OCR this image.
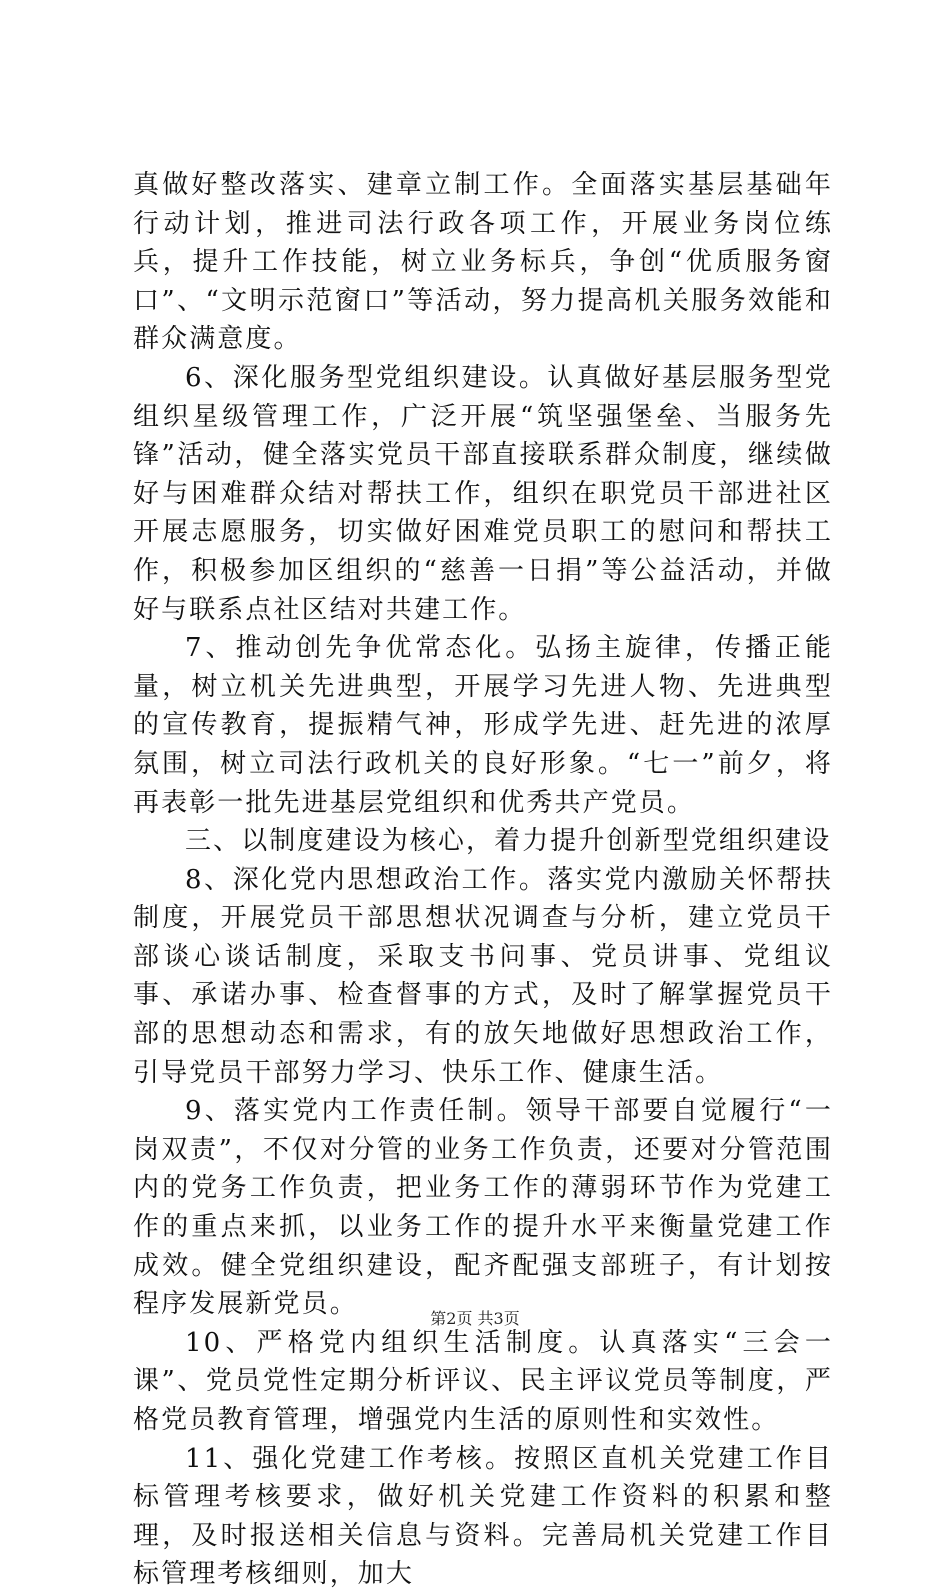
真做好整改落实、建章立制工作。全面落实基层基础年行动计划，推进司法行政各项工作，开展业务岗位练兵，提升工作技能，树立业务标兵，争创“优质服务窗口”、“文明示范窗口”等活动，努力提高机关服务效能和群众满意度。

6、深化服务型党组织建设。认真做好基层服务型党组织星级管理工作，广泛开展“筑坚强堡垒、当服务先锋”活动，健全落实党员干部直接联系群众制度，继续做好与困难群众结对帮扶工作，组织在职党员干部进社区开展志愿服务，切实做好困难党员职工的慰问和帮扶工作，积极参加区组织的“慈善一日捐”等公益活动，并做好与联系点社区结对共建工作。

7、推动创先争优常态化。弘扬主旋律，传播正能量，树立机关先进典型，开展学习先进人物、先进典型的宣传教育，提振精气神，形成学先进、赶先进的浓厚氛围，树立司法行政机关的良好形象。“七一”前夕，将再表彰一批先进基层党组织和优秀共产党员。

三、以制度建设为核心，着力提升创新型党组织建设

8、深化党内思想政治工作。落实党内激励关怀帮扶制度，开展党员干部思想状况调查与分析，建立党员干部谈心谈话制度，采取支书问事、党员讲事、党组议事、承诺办事、检查督事的方式，及时了解掌握党员干部的思想动态和需求，有的放矢地做好思想政治工作，引导党员干部努力学习、快乐工作、健康生活。

9、落实党内工作责任制。领导干部要自觉履行“一岗双责”，不仅对分管的业务工作负责，还要对分管范围内的党务工作负责，把业务工作的薄弱环节作为党建工作的重点来抓，以业务工作的提升水平来衡量党建工作成效。健全党组织建设，配齐配强支部班子，有计划按程序发展新党员。

10、严格党内组织生活制度。认真落实“三会一课”、党员党性定期分析评议、民主评议党员等制度，严格党员教育管理，增强党内生活的原则性和实效性。

11、强化党建工作考核。按照区直机关党建工作目标管理考核要求，做好机关党建工作资料的积累和整理，及时报送相关信息与资料。完善局机关党建工作目标管理考核细则，加大

第2页 共3页
